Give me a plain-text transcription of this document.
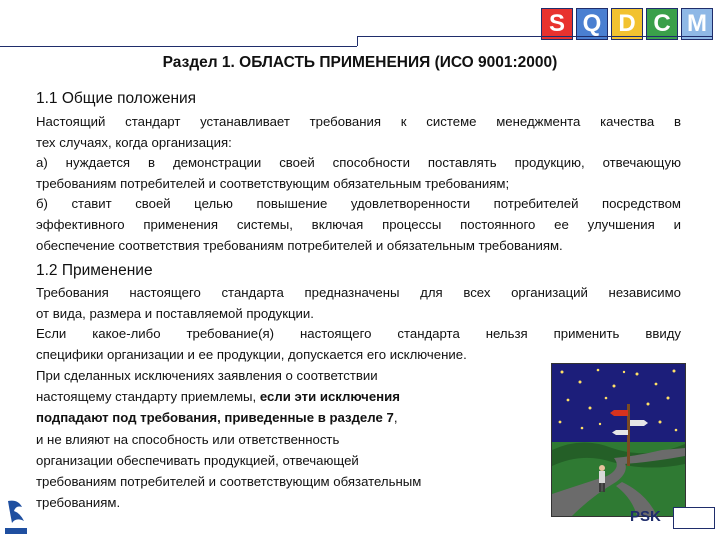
S Q D C M
Раздел 1. ОБЛАСТЬ ПРИМЕНЕНИЯ (ИСО 9001:2000)
1.1 Общие положения
Настоящий стандарт устанавливает требования к системе менеджмента качества в
тех случаях, когда организация:
а) нуждается в демонстрации своей способности поставлять продукцию, отвечающую
требованиям потребителей и соответствующим обязательным требованиям;
б) ставит своей целью повышение удовлетворенности потребителей посредством
эффективного применения системы, включая процессы постоянного ее улучшения и
обеспечение соответствия требованиям потребителей и обязательным требованиям.
1.2 Применение
Требования настоящего стандарта предназначены для всех организаций независимо
от вида, размера и поставляемой продукции.
Если какое-либо требование(я) настоящего стандарта нельзя применить ввиду
специфики организации и ее продукции, допускается его исключение.
При сделанных исключениях заявления о соответствии
настоящему стандарту приемлемы, если эти исключения
подпадают под требования, приведенные в разделе 7,
и не влияют на способность или ответственность
организации обеспечивать продукцией, отвечающей
требованиям потребителей и соответствующим обязательным
требованиям.
PSK
